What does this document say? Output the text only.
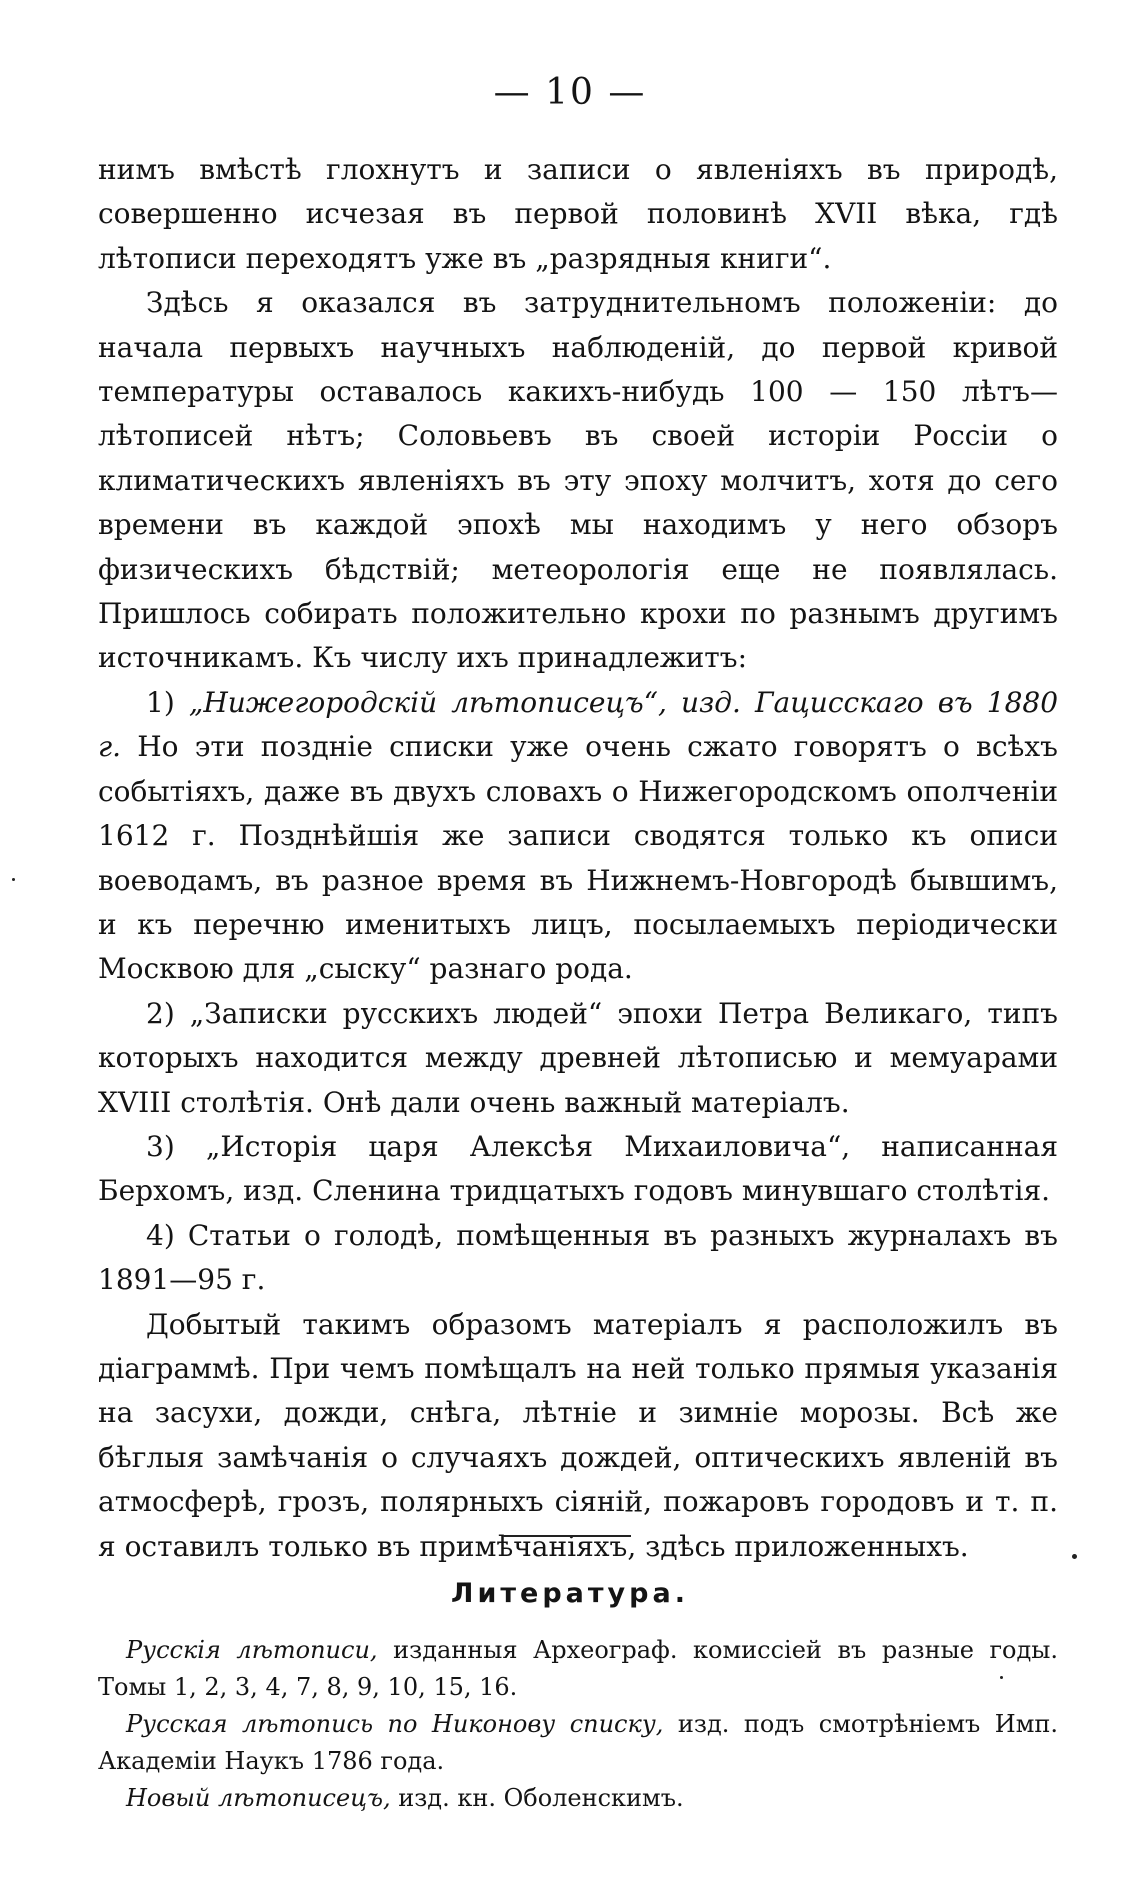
— 10 —

нимъ вмѣстѣ глохнутъ и записи о явленіяхъ въ природѣ, совершенно исчезая въ первой половинѣ XVII вѣка, гдѣ лѣтописи переходятъ уже въ „разрядныя книги“.

Здѣсь я оказался въ затруднительномъ положеніи: до начала первыхъ научныхъ наблюденій, до первой кривой температуры оставалось какихъ-нибудь 100 — 150 лѣтъ—лѣтописей нѣтъ; Соловьевъ въ своей исторіи Россіи о климатическихъ явленіяхъ въ эту эпоху молчитъ, хотя до сего времени въ каждой эпохѣ мы находимъ у него обзоръ физическихъ бѣдствій; метеорологія еще не появлялась. Пришлось собирать положительно крохи по разнымъ другимъ источникамъ. Къ числу ихъ принадлежитъ:

1) „Нижегородскій лѣтописецъ“, изд. Гацисскаго въ 1880 г. Но эти поздніе списки уже очень сжато говорятъ о всѣхъ событіяхъ, даже въ двухъ словахъ о Нижегородскомъ ополченіи 1612 г. Позднѣйшія же записи сводятся только къ описи воеводамъ, въ разное время въ Нижнемъ-Новгородѣ бывшимъ, и къ перечню именитыхъ лицъ, посылаемыхъ періодически Москвою для „сыску“ разнаго рода.

2) „Записки русскихъ людей“ эпохи Петра Великаго, типъ которыхъ находится между древней лѣтописью и мемуарами XVIII столѣтія. Онѣ дали очень важный матеріалъ.

3) „Исторія царя Алексѣя Михаиловича“, написанная Берхомъ, изд. Сленина тридцатыхъ годовъ минувшаго столѣтія.

4) Статьи о голодѣ, помѣщенныя въ разныхъ журналахъ въ 1891—95 г.

Добытый такимъ образомъ матеріалъ я расположилъ въ діаграммѣ. При чемъ помѣщалъ на ней только прямыя указанія на засухи, дожди, снѣга, лѣтніе и зимніе морозы. Всѣ же бѣглыя замѣчанія о случаяхъ дождей, оптическихъ явленій въ атмосферѣ, грозъ, полярныхъ сіяній, пожаровъ городовъ и т. п. я оставилъ только въ примѣчаніяхъ, здѣсь приложенныхъ.

Литература.

Русскія лѣтописи, изданныя Археограф. комиссіей въ разные годы. Томы 1, 2, 3, 4, 7, 8, 9, 10, 15, 16.

Русская лѣтопись по Никонову списку, изд. подъ смотрѣніемъ Имп. Академіи Наукъ 1786 года.

Новый лѣтописецъ, изд. кн. Оболенскимъ.
